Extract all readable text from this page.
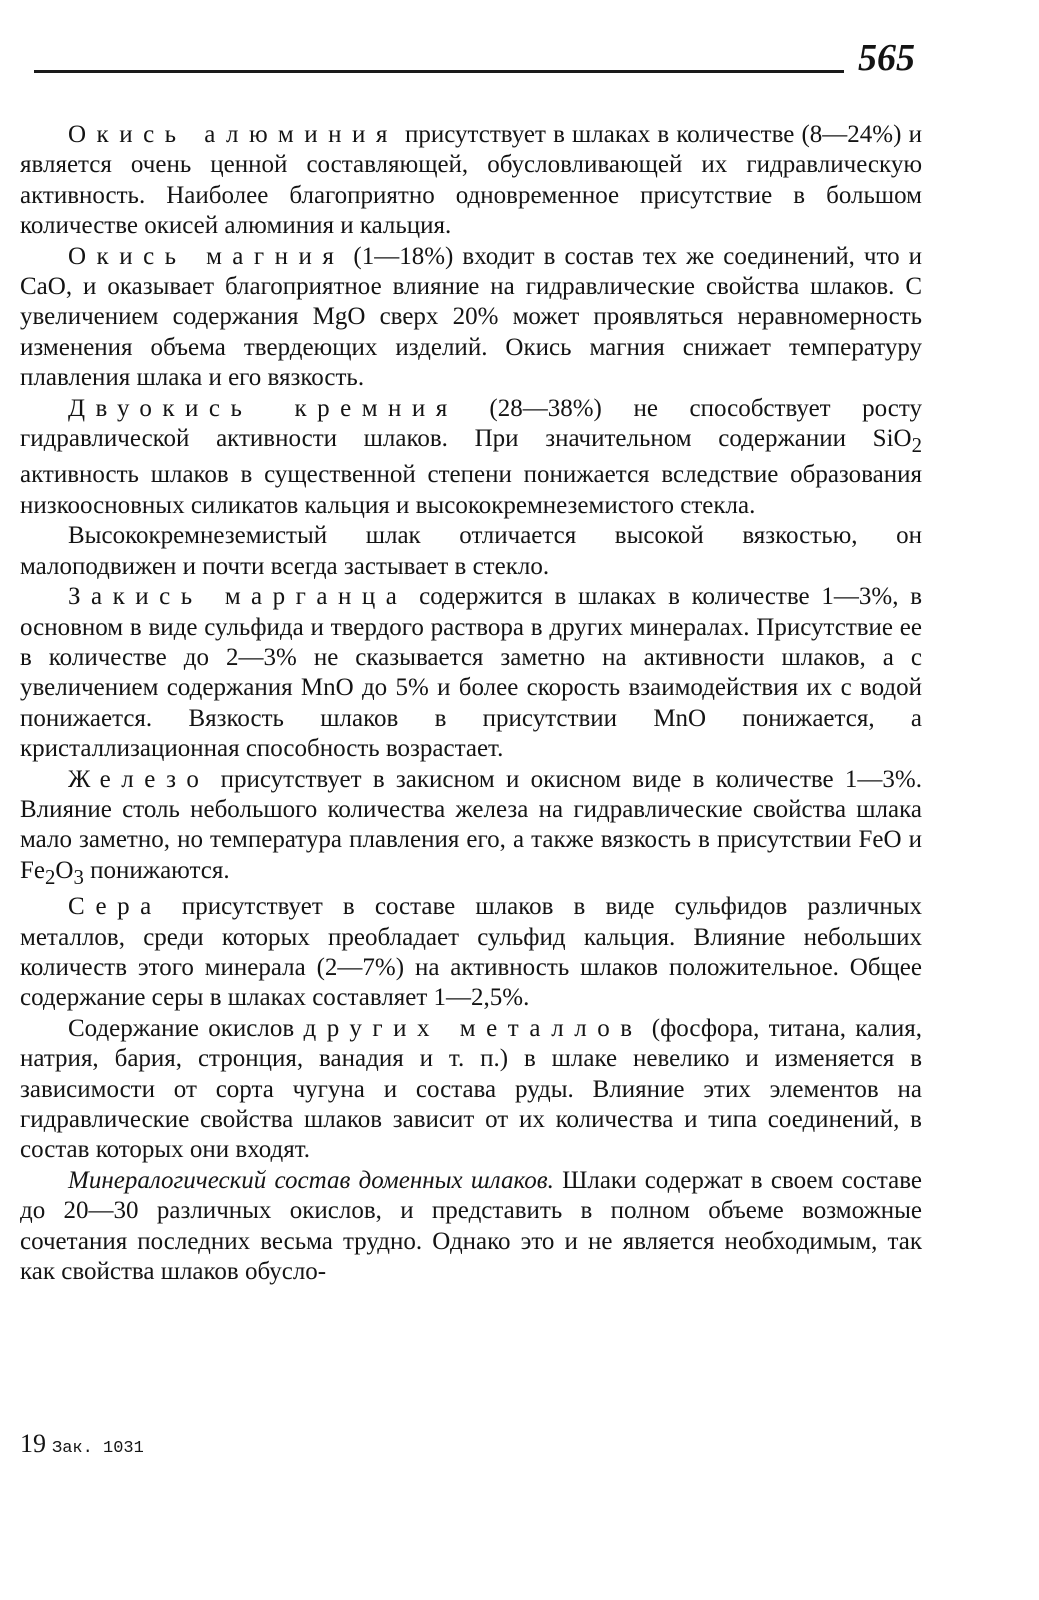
565

Окись алюминия присутствует в шлаках в количестве (8—24%) и является очень ценной составляющей, обусловливающей их гидравлическую активность. Наиболее благоприятно одновременное присутствие в большом количестве окисей алюминия и кальция.

Окись магния (1—18%) входит в состав тех же соединений, что и CaO, и оказывает благоприятное влияние на гидравлические свойства шлаков. С увеличением содержания MgO сверх 20% может проявляться неравномерность изменения объема твердеющих изделий. Окись магния снижает температуру плавления шлака и его вязкость.

Двуокись кремния (28—38%) не способствует росту гидравлической активности шлаков. При значительном содержании SiO$_2$ активность шлаков в существенной степени понижается вследствие образования низкоосновных силикатов кальция и высококремнеземистого стекла.

Высококремнеземистый шлак отличается высокой вязкостью, он малоподвижен и почти всегда застывает в стекло.

Закись марганца содержится в шлаках в количестве 1—3%, в основном в виде сульфида и твердого раствора в других минералах. Присутствие ее в количестве до 2—3% не сказывается заметно на активности шлаков, а с увеличением содержания MnO до 5% и более скорость взаимодействия их с водой понижается. Вязкость шлаков в присутствии MnO понижается, а кристаллизационная способность возрастает.

Железо присутствует в закисном и окисном виде в количестве 1—3%. Влияние столь небольшого количества железа на гидравлические свойства шлака мало заметно, но температура плавления его, а также вязкость в присутствии FeO и $Fe_2O_3$ понижаются.

Сера присутствует в составе шлаков в виде сульфидов различных металлов, среди которых преобладает сульфид кальция. Влияние небольших количеств этого минерала (2—7%) на активность шлаков положительное. Общее содержание серы в шлаках составляет 1—2,5%.

Содержание окислов других металлов (фосфора, титана, калия, натрия, бария, стронция, ванадия и т. п.) в шлаке невелико и изменяется в зависимости от сорта чугуна и состава руды. Влияние этих элементов на гидравлические свойства шлаков зависит от их количества и типа соединений, в состав которых они входят.

Минералогический состав доменных шлаков. Шлаки содержат в своем составе до 20—30 различных окислов, и представить в полном объеме возможные сочетания последних весьма трудно. Однако это и не является необходимым, так как свойства шлаков обусло-

19 Зак. 1031
